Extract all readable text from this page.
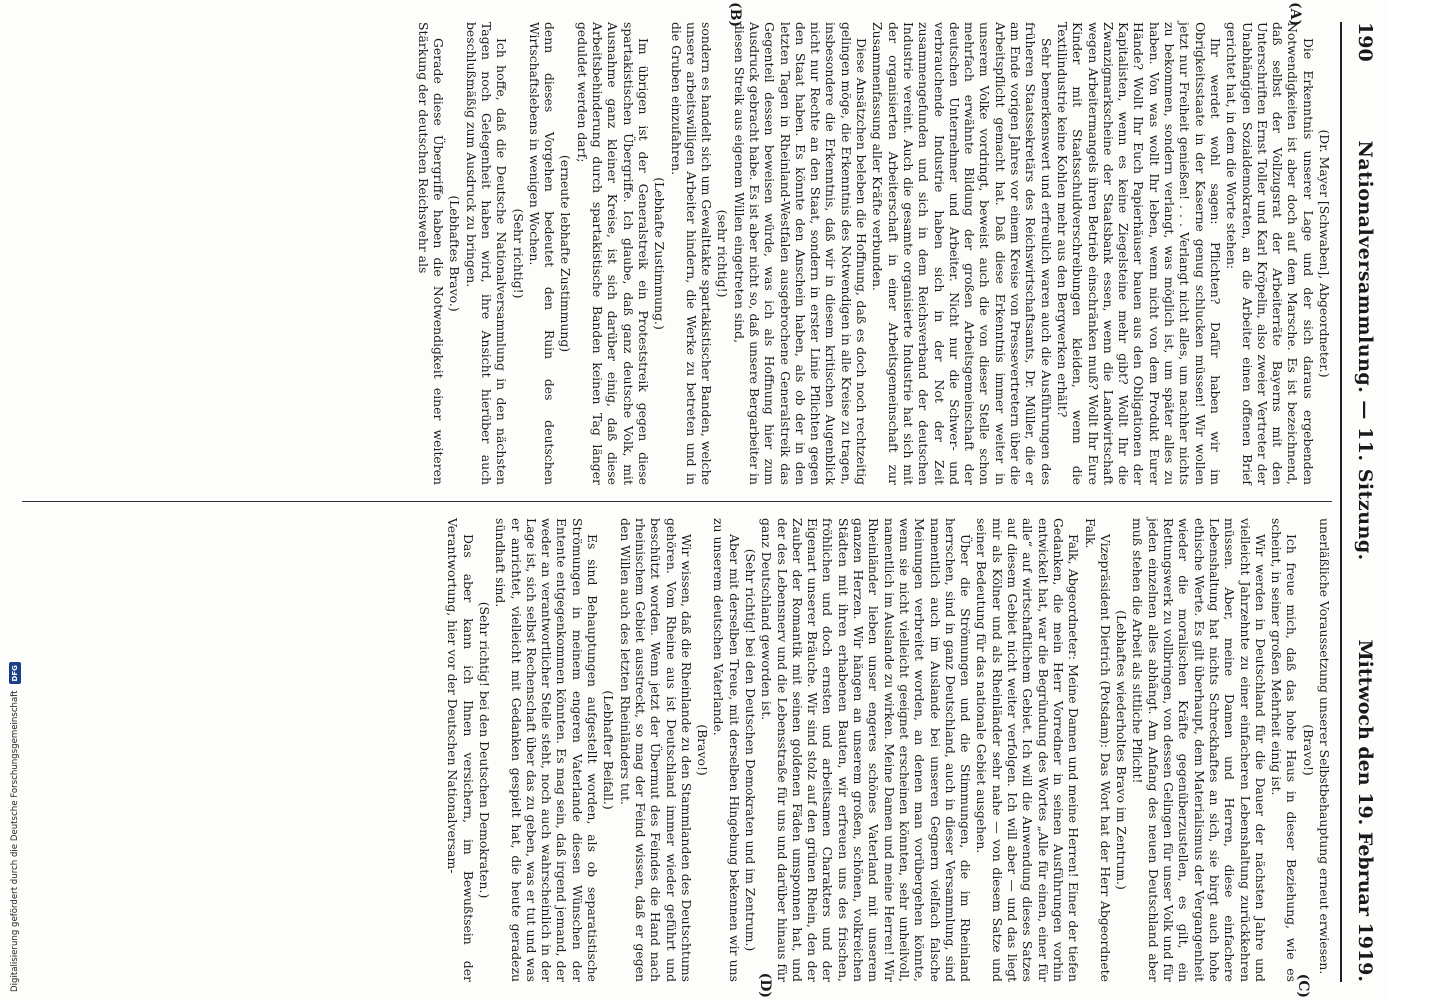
190
Nationalversammlung. — 11. Sitzung.
Mittwoch den 19. Februar 1919.
(A)
(B)

(Dr. Mayer [Schwaben], Abgeordneter.)

Die Erkenntnis unserer Lage und der sich daraus ergebenden Notwendigkeiten ist aber doch auf dem Marsche. Es ist bezeichnend, daß selbst der Vollzugsrat der Arbeiterräte Bayerns mit den Unterschriften Ernst Toller und Karl Kröpelin, also zweier Vertreter der Unabhängigen Sozialdemokraten, an die Arbeiter einen offenen Brief gerichtet hat, in dem die Worte stehen:

Ihr werdet wohl sagen: Pflichten? Dafür haben wir im Obrigkeitsstaate in der Kaserne genug schlucken müssen! Wir wollen jetzt nur Freiheit genießen! . . . Verlangt nicht alles, um nachher nichts zu bekommen, sondern verlangt, was möglich ist, um später alles zu haben. Von was wollt Ihr leben, wenn nicht von dem Produkt Eurer Hände? Wollt Ihr Euch Papierhäuser bauen aus den Obligationen der Kapitalisten, wenn es keine Ziegelsteine mehr gibt? Wollt Ihr die Zwanzigmarkscheine der Staatsbank essen, wenn die Landwirtschaft wegen Arbeitermangels ihren Betrieb einschränken muß? Wollt Ihr Eure Kinder mit Staatsschuldverschreibungen kleiden, wenn die Textilindustrie keine Kohlen mehr aus den Bergwerken erhält?

Sehr bemerkenswert und erfreulich waren auch die Ausführungen des früheren Staatssekretärs des Reichswirtschaftsamts, Dr. Müller, die er am Ende vorigen Jahres vor einem Kreise von Pressevertretern über die Arbeitspflicht gemacht hat. Daß diese Erkenntnis immer weiter in unserem Volke vordringt, beweist auch die von dieser Stelle schon mehrfach erwähnte Bildung der großen Arbeitsgemeinschaft der deutschen Unternehmer und Arbeiter. Nicht nur die Schwer- und verbrauchende Industrie haben sich in der Not der Zeit zusammengefunden und sich in dem Reichsverband der deutschen Industrie vereint. Auch die gesamte organisierte Industrie hat sich mit der organisierten Arbeiterschaft in einer Arbeitsgemeinschaft zur Zusammenfassung aller Kräfte verbunden.

Diese Ansätzchen beleben die Hoffnung, daß es doch noch rechtzeitig gelingen möge, die Erkenntnis des Notwendigen in alle Kreise zu tragen, insbesondere die Erkenntnis, daß wir in diesem kritischen Augenblick nicht nur Rechte an den Staat, sondern in erster Linie Pflichten gegen den Staat haben. Es könnte den Anschein haben, als ob der in den letzten Tagen in Rheinland-Westfalen ausgebrochene Generalstreik das Gegenteil dessen beweisen würde, was ich als Hoffnung hier zum Ausdruck gebracht habe. Es ist aber nicht so, daß unsere Bergarbeiter in diesen Streik aus eigenem Willen eingetreten sind,

(sehr richtig!)

sondern es handelt sich um Gewalttakte spartakistischer Banden, welche unsere arbeitswilligen Arbeiter hindern, die Werke zu betreten und in die Gruben einzufahren.

(Lebhafte Zustimmung.)

Im übrigen ist der Generalstreik ein Proteststreik gegen diese spartakistischen Übergriffe. Ich glaube, daß ganz deutsche Volk, mit Ausnahme ganz kleiner Kreise, ist sich darüber einig, daß diese Arbeitsbehinderung durch spartakistische Banden keinen Tag länger geduldet werden darf;

(erneute lebhafte Zustimmung)

denn dieses Vorgehen bedeutet den Ruin des deutschen Wirtschaftslebens in wenigen Wochen.

(Sehr richtig!)

Ich hoffe, daß die Deutsche Nationalversammlung in den nächsten Tagen noch Gelegenheit haben wird, ihre Ansicht hierüber auch beschlußmäßig zum Ausdruck zu bringen.

(Lebhaftes Bravo.)

Gerade diese Übergriffe haben die Notwendigkeit einer weiteren Stärkung der deutschen Reichswehr als

(C)
(D)

unerläßliche Voraussetzung unserer Selbstbehauptung erneut erwiesen.

(Bravo!)

Ich freue mich, daß das hohe Haus in dieser Beziehung, wie es scheint, in seiner großen Mehrheit einig ist.

Wir werden in Deutschland für die Dauer der nächsten Jahre und vielleicht Jahrzehnte zu einer einfacheren Lebenshaltung zurückkehren müssen. Aber, meine Damen und Herren, diese einfachere Lebenshaltung hat nichts Schreckhaftes an sich, sie birgt auch hohe ethische Werte. Es gilt überhaupt, dem Materialismus der Vergangenheit wieder die moralischen Kräfte gegenüberzustellen, es gilt, ein Rettungswerk zu vollbringen, von dessen Gelingen für unser Volk und für jeden einzelnen alles abhängt. Am Anfang des neuen Deutschland aber muß stehen die Arbeit als sittliche Pflicht!

(Lebhaftes wiederholtes Bravo im Zentrum.)

Vizepräsident Dietrich (Potsdam): Das Wort hat der Herr Abgeordnete Falk.

Falk, Abgeordneter: Meine Damen und meine Herren! Einer der tiefen Gedanken, die mein Herr Vorredner in seinen Ausführungen vorhin entwickelt hat, war die Begründung des Wortes „Alle für einen, einer für alle“ auf wirtschaftlichem Gebiet. Ich will die Anwendung dieses Satzes auf diesem Gebiet nicht weiter verfolgen. Ich will aber — und das liegt mir als Kölner und als Rheinländer sehr nahe — von diesem Satze und seiner Bedeutung für das nationale Gebiet ausgehen.

Über die Strömungen und die Stimmungen, die im Rheinland herrschen, sind in ganz Deutschland, auch in dieser Versammlung, sind namentlich auch im Auslande bei unseren Gegnern vielfach falsche Meinungen verbreitet worden, an denen man vorübergehen könnte, wenn sie nicht vielleicht geeignet erscheinen könnten, sehr unheilvoll, namentlich im Auslande zu wirken. Meine Damen und meine Herren! Wir Rheinländer lieben unser engeres schönes Vaterland mit unserem ganzen Herzen. Wir hängen an unserem großen, schönen, volkreichen Städten mit ihren erhabenen Bauten, wir erfreuen uns des frischen, fröhlichen und doch ernsten und arbeitsamen Charakters und der Eigenart unserer Bräuche. Wir sind stolz auf den grünen Rhein, den der Zauber der Romantik mit seinen goldenen Fäden umsponnen hat, und der des Lebensnerv und die Lebensstraße für uns und darüber hinaus für ganz Deutschland geworden ist.

(Sehr richtig! bei den Deutschen Demokraten und im Zentrum.)

Aber mit derselben Treue, mit derselben Hingebung bekennen wir uns zu unserem deutschen Vaterlande.

(Bravo!)

Wir wissen, daß die Rheinlande zu den Stammlanden des Deutschtums gehören. Vom Rheine aus ist Deutschland immer wieder geführt und beschützt worden. Wenn jetzt der Übermut des Feindes die Hand nach rheinischem Gebiet ausstreckt, so mag der Feind wissen, daß er gegen den Willen auch des letzten Rheinländers tut.

(Lebhafter Beifall.)

Es sind Behauptungen aufgestellt worden, als ob separatistische Strömungen in meinem engeren Vaterlande diesen Wünschen der Entente entgegenkommen könnten. Es mag sein, daß irgend jemand, der weder an verantwortlicher Stelle steht, noch auch wahrscheinlich in der Lage ist, sich selbst Rechenschaft über das zu geben, was er tut und was er anrichtet, vielleicht mit Gedanken gespielt hat, die heute geradezu sündhaft sind.

(Sehr richtig! bei den Deutschen Demokraten.)

Das aber kann ich Ihnen versichern, im Bewußtsein der Verantwortung, hier vor der Deutschen Nationalversam-

Digitalisierung gefördert durch die Deutsche Forschungsgemeinschaft
DFG
